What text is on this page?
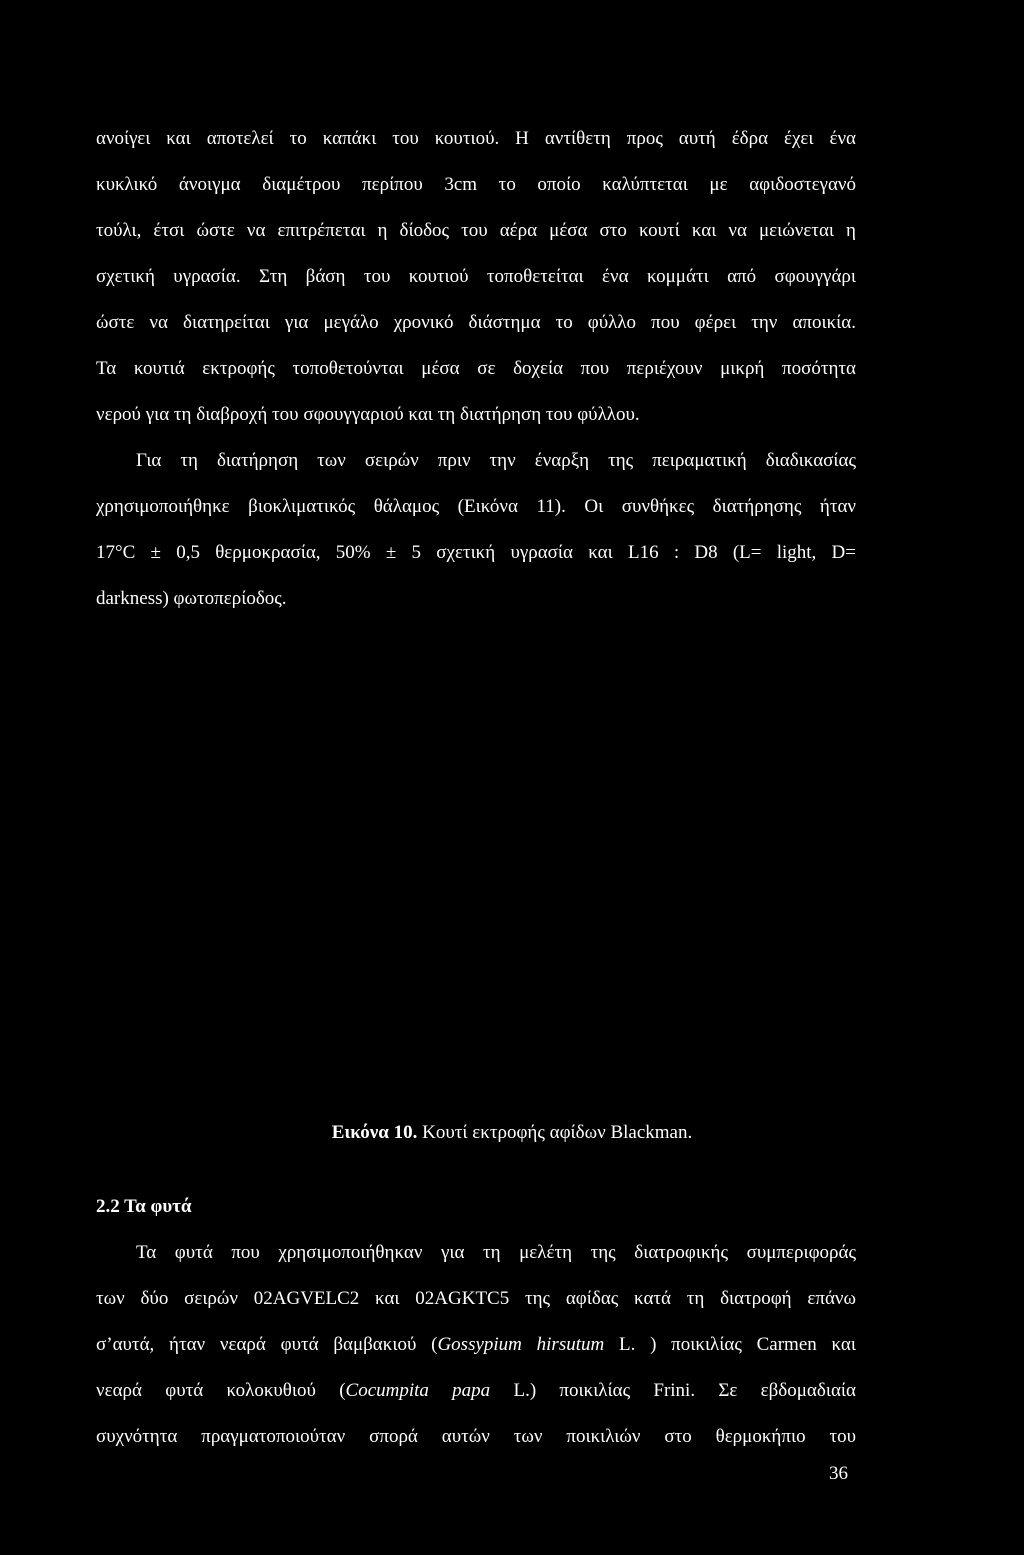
ανοίγει και αποτελεί το καπάκι του κουτιού. Η αντίθετη προς αυτή έδρα έχει ένα
κυκλικό άνοιγμα διαμέτρου περίπου 3cm το οποίο καλύπτεται με αφιδοστεγανό
τούλι, έτσι ώστε να επιτρέπεται η δίοδος του αέρα μέσα στο κουτί και να μειώνεται η
σχετική υγρασία. Στη βάση του κουτιού τοποθετείται ένα κομμάτι από σφουγγάρι
ώστε να διατηρείται για μεγάλο χρονικό διάστημα το φύλλο που φέρει την αποικία.
Τα κουτιά εκτροφής τοποθετούνται μέσα σε δοχεία που περιέχουν μικρή ποσότητα
νερού για τη διαβροχή του σφουγγαριού και τη διατήρηση του φύλλου.
Για τη διατήρηση των σειρών πριν την έναρξη της πειραματική διαδικασίας
χρησιμοποιήθηκε βιοκλιματικός θάλαμος (Εικόνα 11). Οι συνθήκες διατήρησης ήταν
17°C ± 0,5 θερμοκρασία, 50% ± 5 σχετική υγρασία και L16 : D8 (L= light, D=
darkness) φωτοπερίοδος.
Εικόνα 10. Κουτί εκτροφής αφίδων Blackman.
2.2 Τα φυτά
Τα φυτά που χρησιμοποιήθηκαν για τη μελέτη της διατροφικής συμπεριφοράς
των δύο σειρών 02AGVELC2 και 02AGKTC5 της αφίδας κατά τη διατροφή επάνω
σ’αυτά, ήταν νεαρά φυτά βαμβακιού (Gossypium hirsutum L. ) ποικιλίας Carmen και
νεαρά φυτά κολοκυθιού (Cocumpita papa L.) ποικιλίας Frini. Σε εβδομαδιαία
συχνότητα πραγματοποιούταν σπορά αυτών των ποικιλιών στο θερμοκήπιο του
36
